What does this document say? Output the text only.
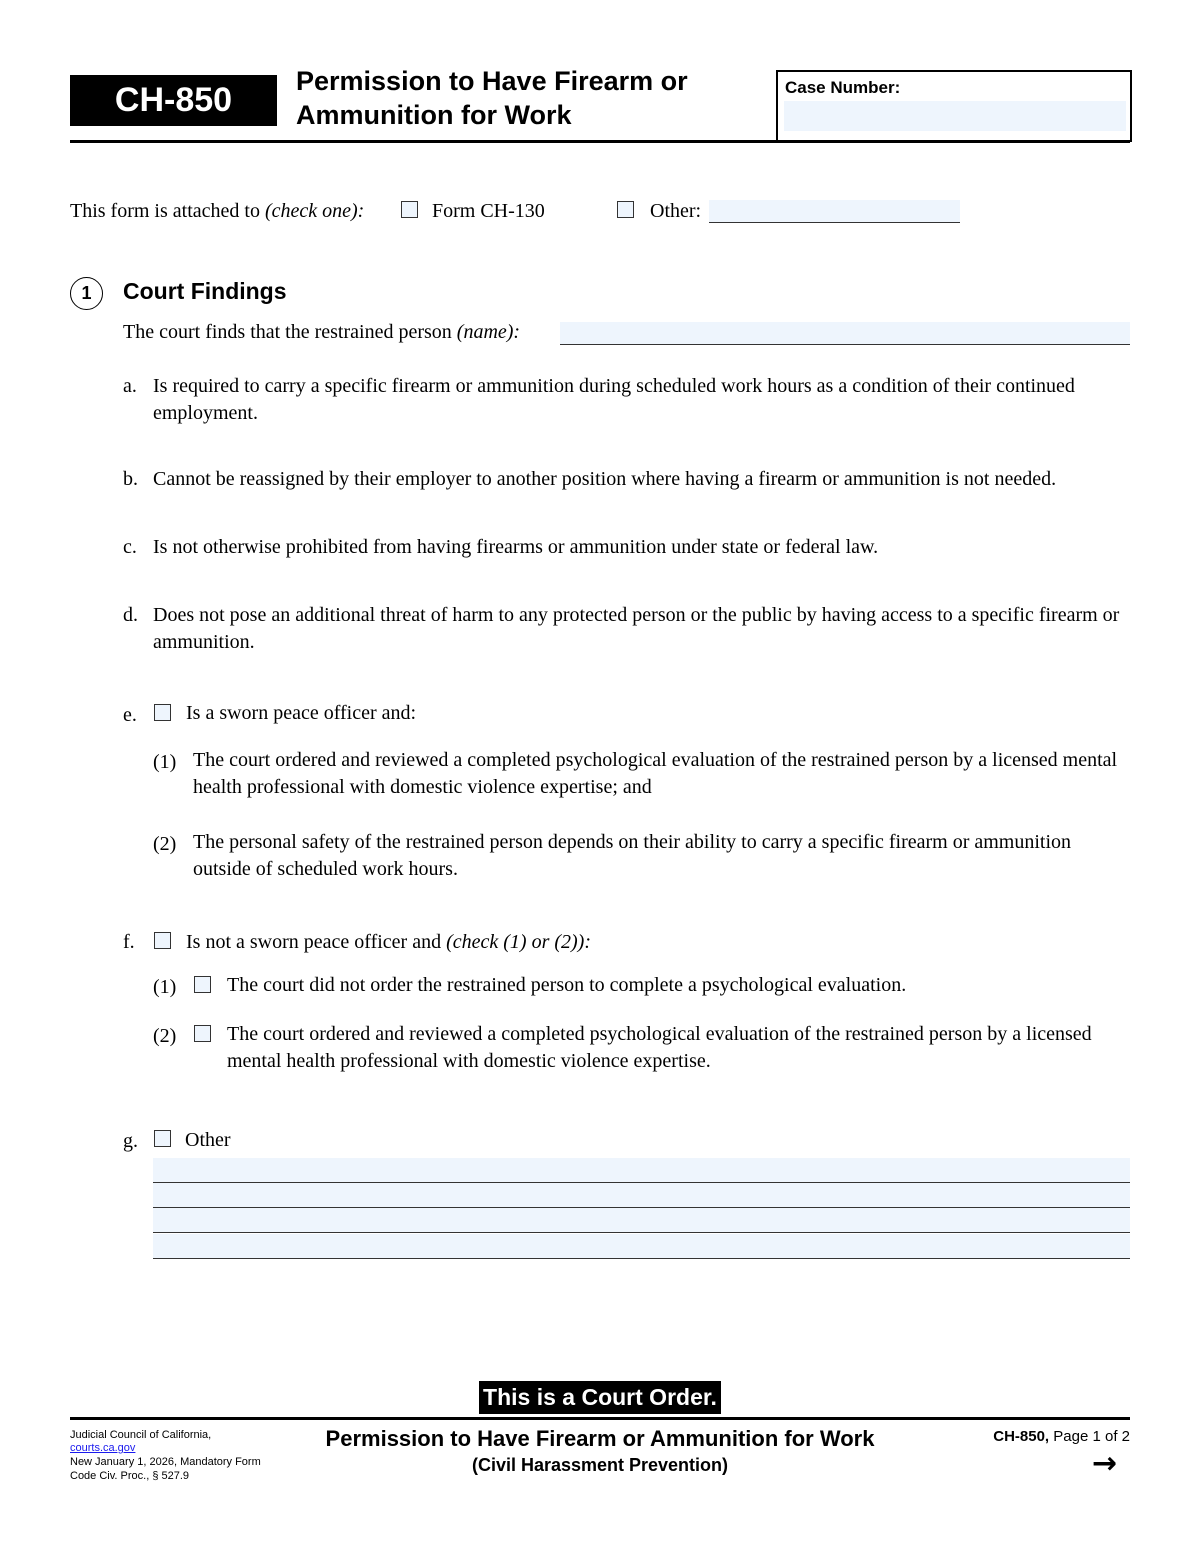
CH-850 Permission to Have Firearm or
Ammunition for Work
Case Number:
This form is attached to (check one):	Form CH-130	Other:
1 Court Findings
The court finds that the restrained person (name):
a. Is required to carry a specific firearm or ammunition during scheduled work hours as a condition of their continued employment.
b. Cannot be reassigned by their employer to another position where having a firearm or ammunition is not needed.
c. Is not otherwise prohibited from having firearms or ammunition under state or federal law.
d. Does not pose an additional threat of harm to any protected person or the public by having access to a specific firearm or ammunition.
e. Is a sworn peace officer and:
(1) The court ordered and reviewed a completed psychological evaluation of the restrained person by a licensed mental health professional with domestic violence expertise; and
(2) The personal safety of the restrained person depends on their ability to carry a specific firearm or ammunition outside of scheduled work hours.
f.	Is not a sworn peace officer and (check (1) or (2)):
(1)	The court did not order the restrained person to complete a psychological evaluation.
(2)	The court ordered and reviewed a completed psychological evaluation of the restrained person by a licensed mental health professional with domestic violence expertise.
g. Other
This is a Court Order.
Judicial Council of California,
courts.ca.gov
New January 1, 2026, Mandatory Form
Code Civ. Proc., § 527.9
Permission to Have Firearm or Ammunition for Work
(Civil Harassment Prevention)
CH-850, Page 1 of 2
→
